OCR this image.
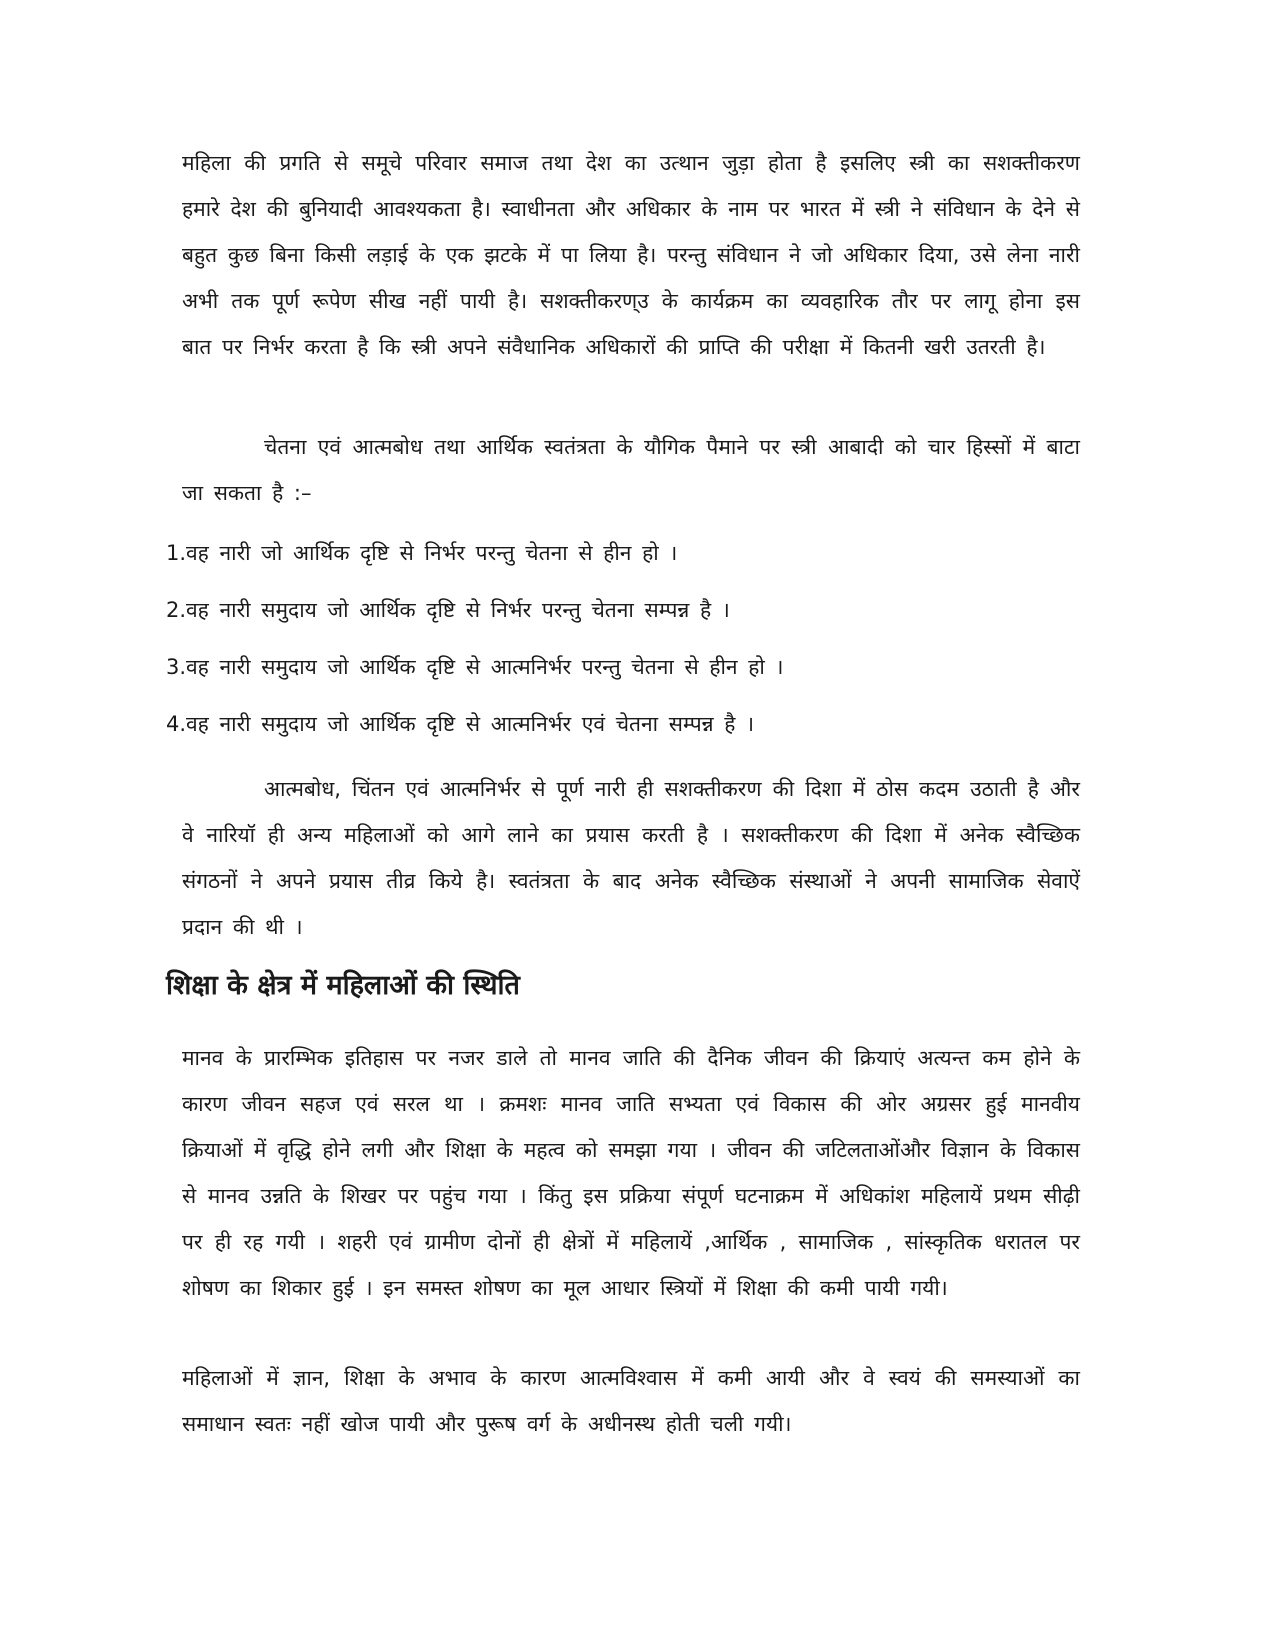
महिला की प्रगति से समूचे परिवार समाज तथा देश का उत्थान जुड़ा होता है इसलिए स्त्री का सशक्तीकरण हमारे देश की बुनियादी आवश्यकता है। स्वाधीनता और अधिकार के नाम पर भारत में स्त्री ने संविधान के देने से बहुत कुछ बिना किसी लड़ाई के एक झटके में पा लिया है। परन्तु संविधान ने जो अधिकार दिया, उसे लेना नारी अभी तक पूर्ण रूपेण सीख नहीं पायी है। सशक्तीकरण्उ के कार्यक्रम का व्यवहारिक तौर पर लागू होना इस बात पर निर्भर करता है कि स्त्री अपने संवैधानिक अधिकारों की प्राप्ति की परीक्षा में कितनी खरी उतरती है।

चेतना एवं आत्मबोध तथा आर्थिक स्वतंत्रता के यौगिक पैमाने पर स्त्री आबादी को चार हिस्सों में बाटा जा सकता है :–

1.वह नारी जो आर्थिक दृष्टि से निर्भर परन्तु चेतना से हीन हो ।
2.वह नारी समुदाय जो आर्थिक दृष्टि से निर्भर परन्तु चेतना सम्पन्न है ।
3.वह नारी समुदाय जो आर्थिक दृष्टि से आत्मनिर्भर परन्तु चेतना से हीन हो ।
4.वह नारी समुदाय जो आर्थिक दृष्टि से आत्मनिर्भर एवं चेतना सम्पन्न है ।

आत्मबोध, चिंतन एवं आत्मनिर्भर से पूर्ण नारी ही सशक्तीकरण की दिशा में ठोस कदम उठाती है और वे नारियॉ ही अन्य महिलाओं को आगे लाने का प्रयास करती है । सशक्तीकरण की दिशा में अनेक स्वैच्छिक संगठनों ने अपने प्रयास तीव्र किये है। स्वतंत्रता के बाद अनेक स्वैच्छिक संस्थाओं ने अपनी सामाजिक सेवाऐं प्रदान की थी ।

शिक्षा के क्षेत्र में महिलाओं की स्थिति

मानव के प्रारम्भिक इतिहास पर नजर डाले तो मानव जाति की दैनिक जीवन की क्रियाएं अत्यन्त कम होने के कारण जीवन सहज एवं सरल था । क्रमशः मानव जाति सभ्यता एवं विकास की ओर अग्रसर हुई मानवीय क्रियाओं में वृद्धि होने लगी और शिक्षा के महत्व को समझा गया । जीवन की जटिलताओंऔर विज्ञान के विकास से मानव उन्नति के शिखर पर पहुंच गया । किंतु इस प्रक्रिया संपूर्ण घटनाक्रम में अधिकांश महिलायें प्रथम सीढ़ी पर ही रह गयी । शहरी एवं ग्रामीण दोनों ही क्षेत्रों में महिलायें ,आर्थिक , सामाजिक , सांस्कृतिक धरातल पर शोषण का शिकार हुई । इन समस्त शोषण का मूल आधार स्त्रियों में शिक्षा की कमी पायी गयी।

महिलाओं में ज्ञान, शिक्षा के अभाव के कारण आत्मविश्वास में कमी आयी और वे स्वयं की समस्याओं का समाधान स्वतः नहीं खोज पायी और पुरूष वर्ग के अधीनस्थ होती चली गयी।
